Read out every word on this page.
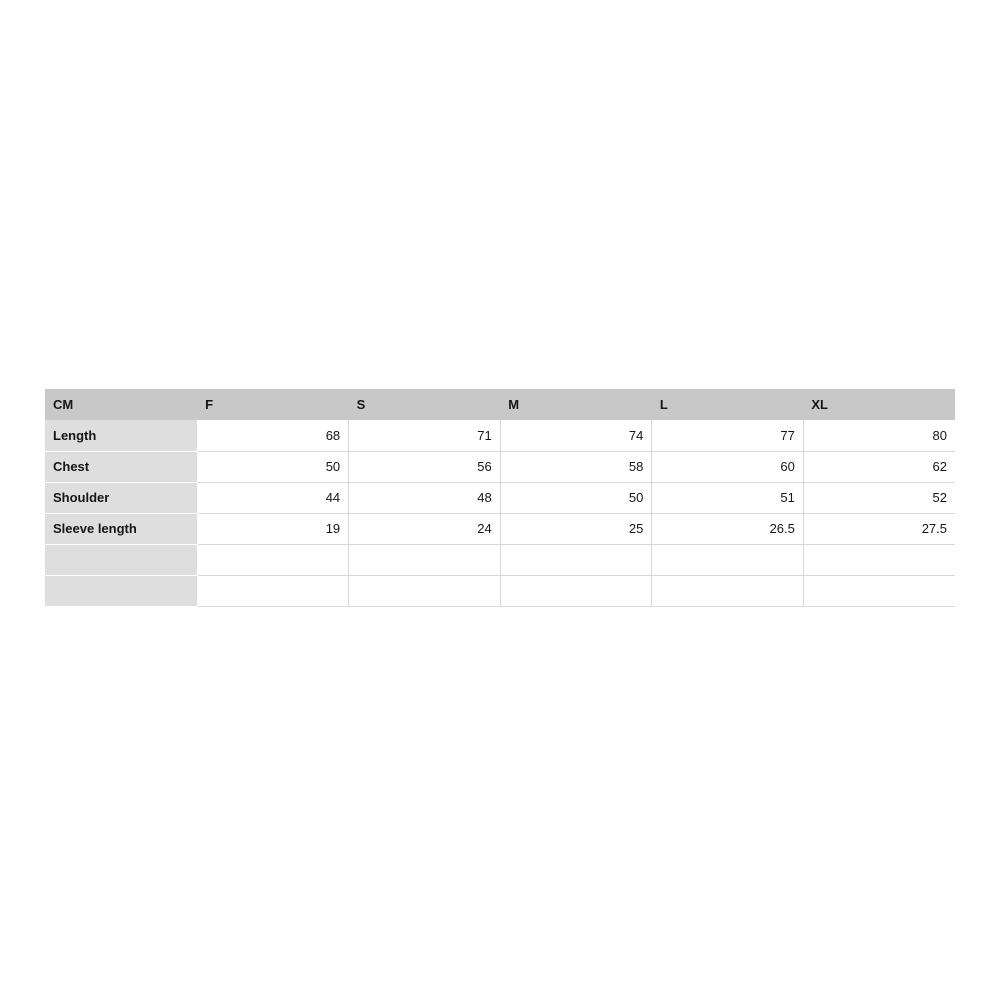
CM	F	S	M	L	XL
Length	68	71	74	77	80
Chest	50	56	58	60	62
Shoulder	44	48	50	51	52
Sleeve length	19	24	25	26.5	27.5
